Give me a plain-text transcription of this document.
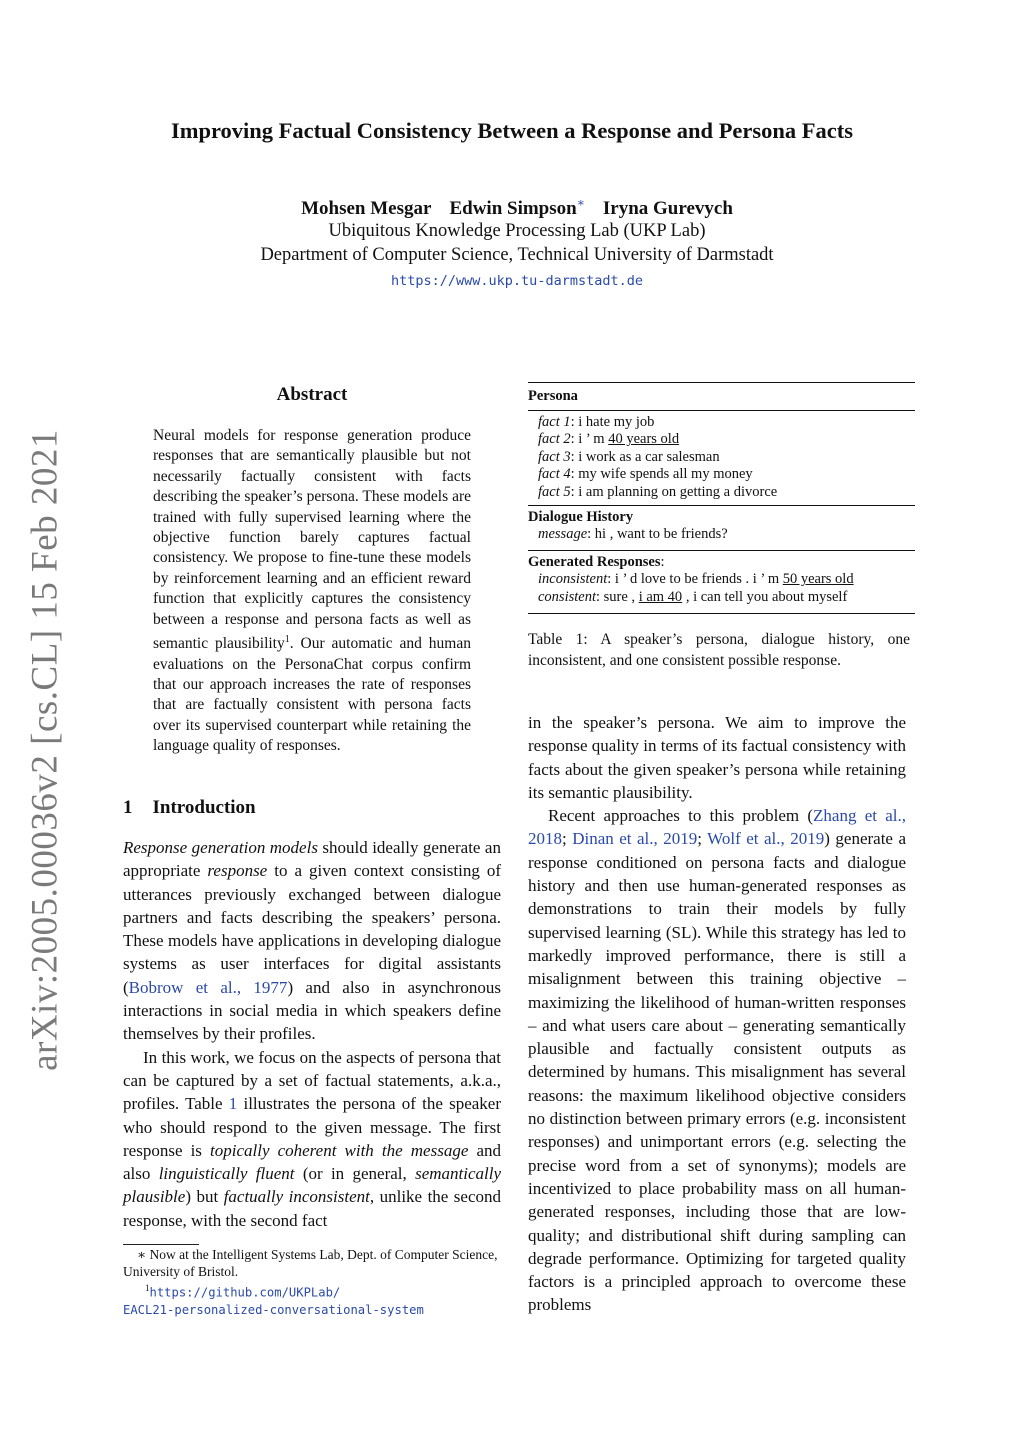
arXiv:2005.00036v2 [cs.CL] 15 Feb 2021
Improving Factual Consistency Between a Response and Persona Facts
Mohsen Mesgar Edwin Simpson∗ Iryna Gurevych
Ubiquitous Knowledge Processing Lab (UKP Lab)
Department of Computer Science, Technical University of Darmstadt
https://www.ukp.tu-darmstadt.de
Abstract
Neural models for response generation produce responses that are semantically plausible but not necessarily factually consistent with facts describing the speaker’s persona. These models are trained with fully supervised learning where the objective function barely captures factual consistency. We propose to fine-tune these models by reinforcement learning and an efficient reward function that explicitly captures the consistency between a response and persona facts as well as semantic plausibility$^1$. Our automatic and human evaluations on the PersonaChat corpus confirm that our approach increases the rate of responses that are factually consistent with persona facts over its supervised counterpart while retaining the language quality of responses.
1 Introduction

Response generation models should ideally generate an appropriate response to a given context consisting of utterances previously exchanged between dialogue partners and facts describing the speakers’ persona. These models have applications in developing dialogue systems as user interfaces for digital assistants (Bobrow et al., 1977) and also in asynchronous interactions in social media in which speakers define themselves by their profiles.

In this work, we focus on the aspects of persona that can be captured by a set of factual statements, a.k.a., profiles. Table 1 illustrates the persona of the speaker who should respond to the given message. The first response is topically coherent with the message and also linguistically fluent (or in general, semantically plausible) but factually inconsistent, unlike the second response, with the second fact

∗ Now at the Intelligent Systems Lab, Dept. of Computer Science, University of Bristol.
$^1$https://github.com/UKPLab/
EACL21-personalized-conversational-system
Persona
fact 1: i hate my job
fact 2: i ’ m 40 years old
fact 3: i work as a car salesman
fact 4: my wife spends all my money
fact 5: i am planning on getting a divorce
Dialogue History
message: hi , want to be friends?
Generated Responses:
inconsistent: i ’ d love to be friends . i ’ m 50 years old
consistent: sure , i am 40 , i can tell you about myself
Table 1: A speaker’s persona, dialogue history, one inconsistent, and one consistent possible response.

in the speaker’s persona. We aim to improve the response quality in terms of its factual consistency with facts about the given speaker’s persona while retaining its semantic plausibility.

Recent approaches to this problem (Zhang et al., 2018; Dinan et al., 2019; Wolf et al., 2019) generate a response conditioned on persona facts and dialogue history and then use human-generated responses as demonstrations to train their models by fully supervised learning (SL). While this strategy has led to markedly improved performance, there is still a misalignment between this training objective – maximizing the likelihood of human-written responses – and what users care about – generating semantically plausible and factually consistent outputs as determined by humans. This misalignment has several reasons: the maximum likelihood objective considers no distinction between primary errors (e.g. inconsistent responses) and unimportant errors (e.g. selecting the precise word from a set of synonyms); models are incentivized to place probability mass on all human-generated responses, including those that are low-quality; and distributional shift during sampling can degrade performance. Optimizing for targeted quality factors is a principled approach to overcome these problems
